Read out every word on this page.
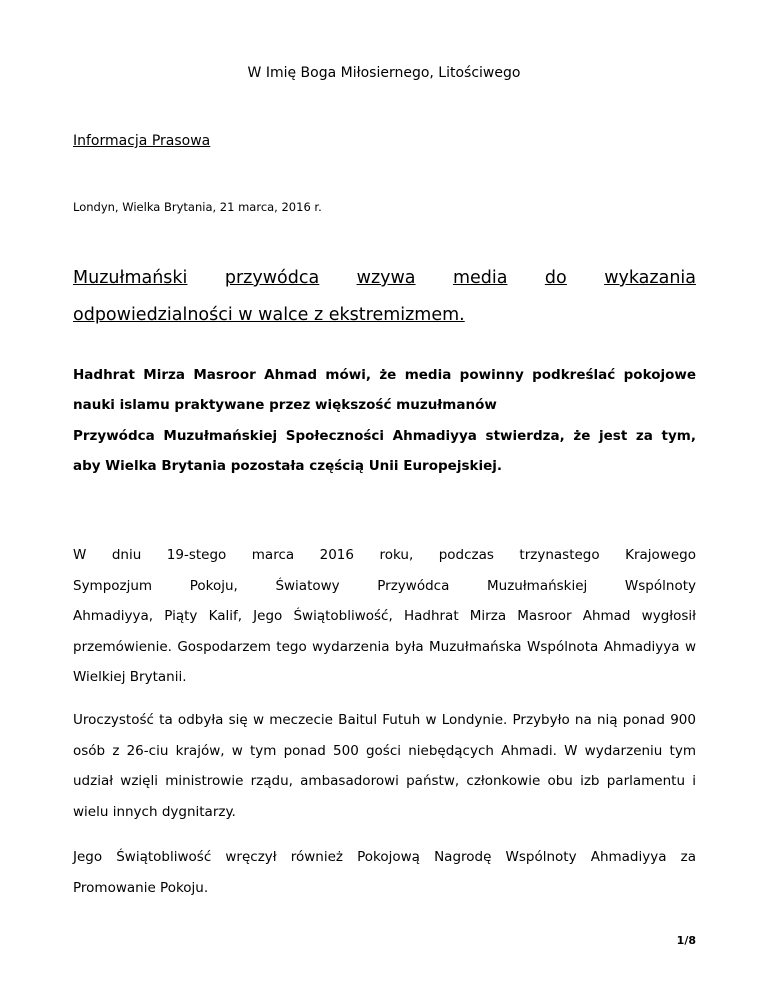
W Imię Boga Miłosiernego, Litościwego
Informacja Prasowa
Londyn, Wielka Brytania, 21 marca, 2016 r.
Muzułmański przywódca wzywa media do wykazania
odpowiedzialności w walce z ekstremizmem.
Hadhrat Mirza Masroor Ahmad mówi, że media powinny podkreślać pokojowe nauki islamu praktywane przez większość muzułmanów
Przywódca Muzułmańskiej Społeczności Ahmadiyya stwierdza, że jest za tym, aby Wielka Brytania pozostała częścią Unii Europejskiej.
W dniu 19-stego marca 2016 roku, podczas trzynastego Krajowego
Sympozjum	Pokoju,	Światowy	Przywódca	Muzułmańskiej	Wspólnoty
Ahmadiyya, Piąty Kalif, Jego Świątobliwość, Hadhrat Mirza Masroor Ahmad wygłosił przemówienie. Gospodarzem tego wydarzenia była Muzułmańska Wspólnota Ahmadiyya w Wielkiej Brytanii.
Uroczystość ta odbyła się w meczecie Baitul Futuh w Londynie. Przybyło na nią ponad 900 osób z 26-ciu krajów, w tym ponad 500 gości niebędących Ahmadi. W wydarzeniu tym udział wzięli ministrowie rządu, ambasadorowi państw, członkowie obu izb parlamentu i wielu innych dygnitarzy.
Jego Świątobliwość wręczył również Pokojową Nagrodę Wspólnoty Ahmadiyya za Promowanie Pokoju.
1/8
